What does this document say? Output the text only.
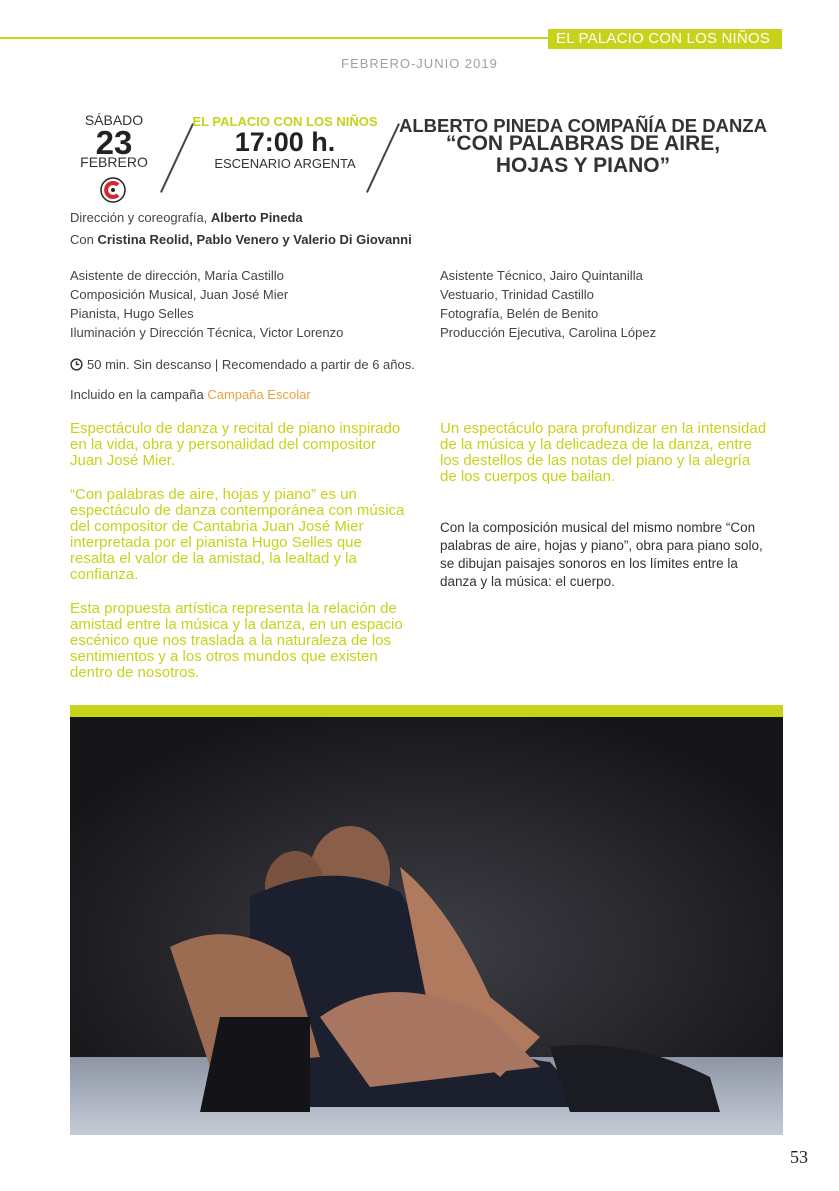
EL PALACIO CON LOS NIÑOS
FEBRERO-JUNIO 2019
SÁBADO
23
FEBRERO
EL PALACIO CON LOS NIÑOS
17:00 h.
ESCENARIO ARGENTA
ALBERTO PINEDA COMPAÑÍA DE DANZA
“CON PALABRAS DE AIRE,
HOJAS Y PIANO”
Dirección y coreografía, Alberto Pineda
Con Cristina Reolid, Pablo Venero y Valerio Di Giovanni
Asistente de dirección, María Castillo
Composición Musical, Juan José Mier
Pianista, Hugo Selles
Iluminación y Dirección Técnica, Victor Lorenzo
Asistente Técnico, Jairo Quintanilla
Vestuario, Trinidad Castillo
Fotografía, Belén de Benito
Producción Ejecutiva, Carolina López
50 min. Sin descanso | Recomendado a partir de 6 años.
Incluido en la campaña Campaña Escolar

Espectáculo de danza y recital de piano inspirado en la vida, obra y personalidad del compositor Juan José Mier.

“Con palabras de aire, hojas y piano” es un espectáculo de danza contemporánea con música del compositor de Cantabria Juan José Mier interpretada por el pianista Hugo Selles que resalta el valor de la amistad, la lealtad y la confianza.

Esta propuesta artística representa la relación de amistad entre la música y la danza, en un espacio escénico que nos traslada a la naturaleza de los sentimientos y a los otros mundos que existen dentro de nosotros.

Un espectáculo para profundizar en la intensidad de la música y la delicadeza de la danza, entre los destellos de las notas del piano y la alegría de los cuerpos que bailan.

Con la composición musical del mismo nombre “Con palabras de aire, hojas y piano”, obra para piano solo, se dibujan paisajes sonoros en los límites entre la danza y la música: el cuerpo.

53
